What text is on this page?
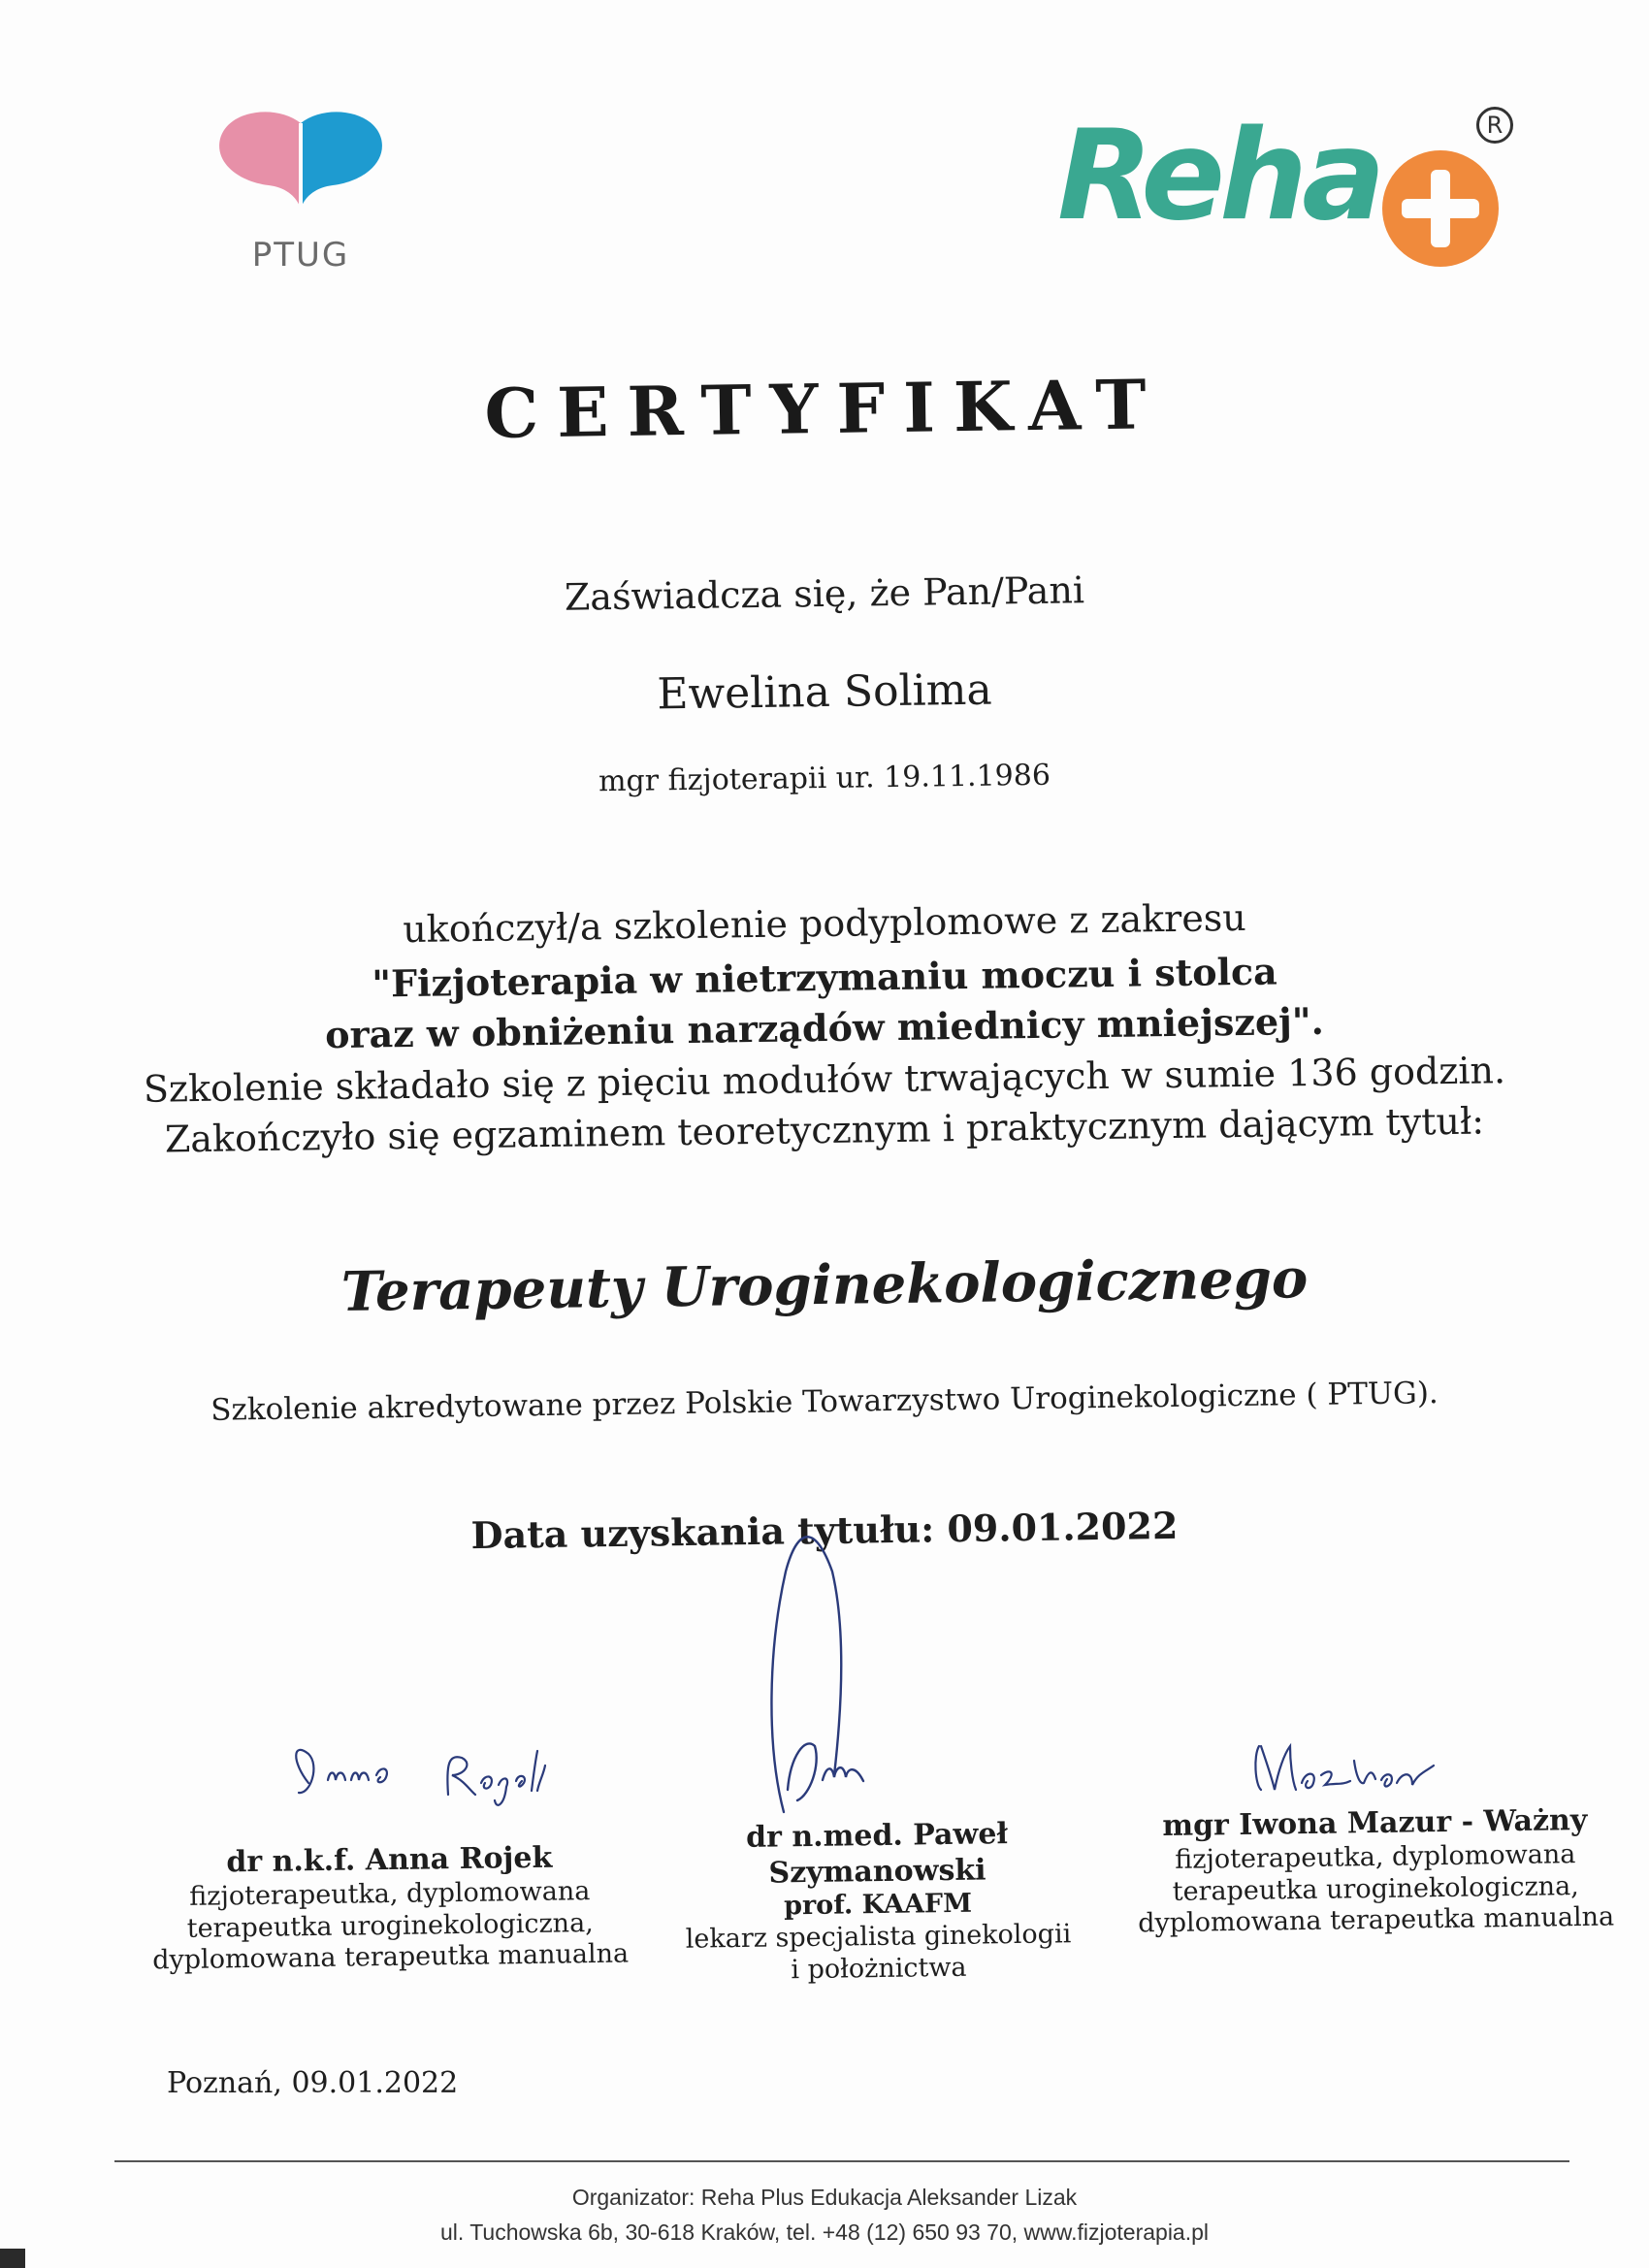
PTUG
Reha	R
CERTYFIKAT
Zaświadcza się, że Pan/Pani
Ewelina Solima
mgr fizjoterapii ur. 19.11.1986
ukończył/a szkolenie podyplomowe z zakresu
"Fizjoterapia w nietrzymaniu moczu i stolca
oraz w obniżeniu narządów miednicy mniejszej".
Szkolenie składało się z pięciu modułów trwających w sumie 136 godzin.
Zakończyło się egzaminem teoretycznym i praktycznym dającym tytuł:
Terapeuty Uroginekologicznego
Szkolenie akredytowane przez Polskie Towarzystwo Uroginekologiczne ( PTUG).
Data uzyskania tytułu: 09.01.2022
dr n.k.f. Anna Rojek
fizjoterapeutka, dyplomowana
terapeutka uroginekologiczna,
dyplomowana terapeutka manualna
dr n.med. Paweł Szymanowski
prof. KAAFM
lekarz specjalista ginekologii
i położnictwa
mgr Iwona Mazur - Ważny
fizjoterapeutka, dyplomowana
terapeutka uroginekologiczna,
dyplomowana terapeutka manualna
Poznań, 09.01.2022
Organizator: Reha Plus Edukacja Aleksander Lizak
ul. Tuchowska 6b, 30-618 Kraków, tel. +48 (12) 650 93 70, www.fizjoterapia.pl
